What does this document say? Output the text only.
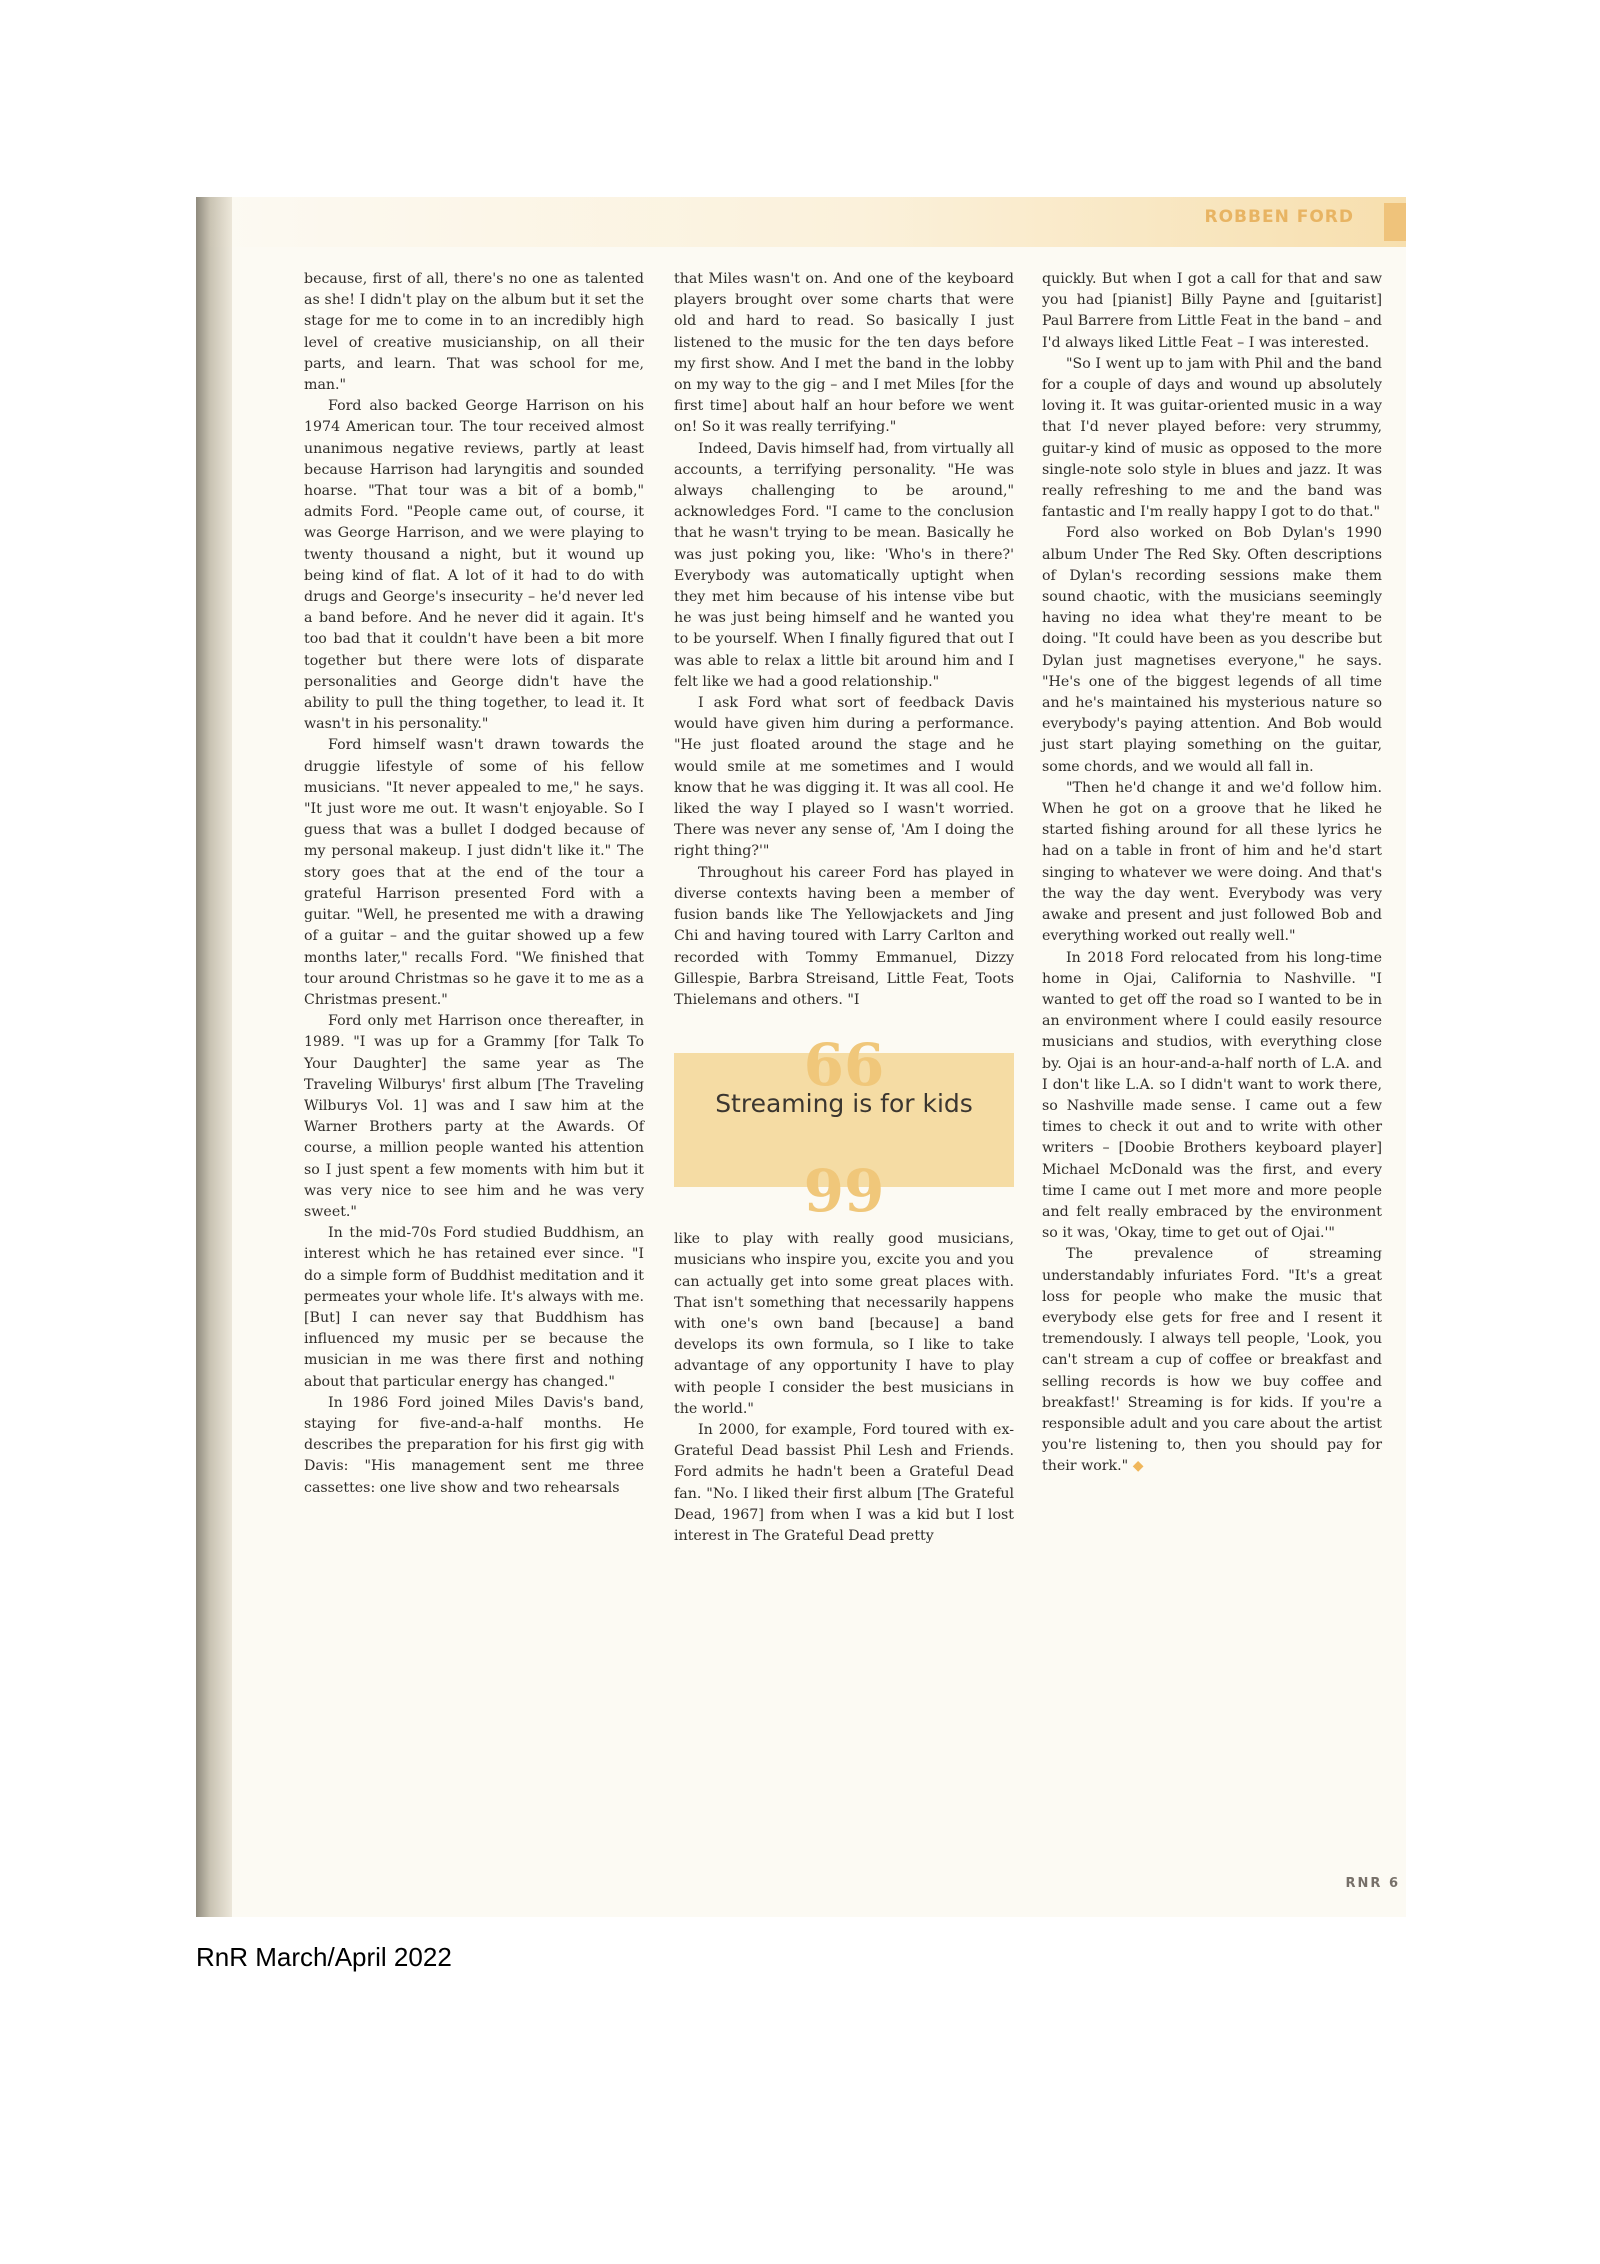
ROBBEN FORD

because, first of all, there's no one as talented as she! I didn't play on the album but it set the stage for me to come in to an incredibly high level of creative musicianship, on all their parts, and learn. That was school for me, man."

Ford also backed George Harrison on his 1974 American tour. The tour received almost unanimous negative reviews, partly at least because Harrison had laryngitis and sounded hoarse. "That tour was a bit of a bomb," admits Ford. "People came out, of course, it was George Harrison, and we were playing to twenty thousand a night, but it wound up being kind of flat. A lot of it had to do with drugs and George's insecurity – he'd never led a band before. And he never did it again. It's too bad that it couldn't have been a bit more together but there were lots of disparate personalities and George didn't have the ability to pull the thing together, to lead it. It wasn't in his personality."

Ford himself wasn't drawn towards the druggie lifestyle of some of his fellow musicians. "It never appealed to me," he says. "It just wore me out. It wasn't enjoyable. So I guess that was a bullet I dodged because of my personal makeup. I just didn't like it." The story goes that at the end of the tour a grateful Harrison presented Ford with a guitar. "Well, he presented me with a drawing of a guitar – and the guitar showed up a few months later," recalls Ford. "We finished that tour around Christmas so he gave it to me as a Christmas present."

Ford only met Harrison once thereafter, in 1989. "I was up for a Grammy [for Talk To Your Daughter] the same year as The Traveling Wilburys' first album [The Traveling Wilburys Vol. 1] was and I saw him at the Warner Brothers party at the Awards. Of course, a million people wanted his attention so I just spent a few moments with him but it was very nice to see him and he was very sweet."

In the mid-70s Ford studied Buddhism, an interest which he has retained ever since. "I do a simple form of Buddhist meditation and it permeates your whole life. It's always with me. [But] I can never say that Buddhism has influenced my music per se because the musician in me was there first and nothing about that particular energy has changed."

In 1986 Ford joined Miles Davis's band, staying for five-and-a-half months. He describes the preparation for his first gig with Davis: "His management sent me three cassettes: one live show and two rehearsals

that Miles wasn't on. And one of the keyboard players brought over some charts that were old and hard to read. So basically I just listened to the music for the ten days before my first show. And I met the band in the lobby on my way to the gig – and I met Miles [for the first time] about half an hour before we went on! So it was really terrifying."

Indeed, Davis himself had, from virtually all accounts, a terrifying personality. "He was always challenging to be around," acknowledges Ford. "I came to the conclusion that he wasn't trying to be mean. Basically he was just poking you, like: 'Who's in there?' Everybody was automatically uptight when they met him because of his intense vibe but he was just being himself and he wanted you to be yourself. When I finally figured that out I was able to relax a little bit around him and I felt like we had a good relationship."

I ask Ford what sort of feedback Davis would have given him during a performance. "He just floated around the stage and he would smile at me sometimes and I would know that he was digging it. It was all cool. He liked the way I played so I wasn't worried. There was never any sense of, 'Am I doing the right thing?'"

Throughout his career Ford has played in diverse contexts having been a member of fusion bands like The Yellowjackets and Jing Chi and having toured with Larry Carlton and recorded with Tommy Emmanuel, Dizzy Gillespie, Barbra Streisand, Little Feat, Toots Thielemans and others. "I

66
Streaming is for kids
99

like to play with really good musicians, musicians who inspire you, excite you and you can actually get into some great places with. That isn't something that necessarily happens with one's own band [because] a band develops its own formula, so I like to take advantage of any opportunity I have to play with people I consider the best musicians in the world."

In 2000, for example, Ford toured with ex-Grateful Dead bassist Phil Lesh and Friends. Ford admits he hadn't been a Grateful Dead fan. "No. I liked their first album [The Grateful Dead, 1967] from when I was a kid but I lost interest in The Grateful Dead pretty

quickly. But when I got a call for that and saw you had [pianist] Billy Payne and [guitarist] Paul Barrere from Little Feat in the band – and I'd always liked Little Feat – I was interested.

"So I went up to jam with Phil and the band for a couple of days and wound up absolutely loving it. It was guitar-oriented music in a way that I'd never played before: very strummy, guitar-y kind of music as opposed to the more single-note solo style in blues and jazz. It was really refreshing to me and the band was fantastic and I'm really happy I got to do that."

Ford also worked on Bob Dylan's 1990 album Under The Red Sky. Often descriptions of Dylan's recording sessions make them sound chaotic, with the musicians seemingly having no idea what they're meant to be doing. "It could have been as you describe but Dylan just magnetises everyone," he says. "He's one of the biggest legends of all time and he's maintained his mysterious nature so everybody's paying attention. And Bob would just start playing something on the guitar, some chords, and we would all fall in.

"Then he'd change it and we'd follow him. When he got on a groove that he liked he started fishing around for all these lyrics he had on a table in front of him and he'd start singing to whatever we were doing. And that's the way the day went. Everybody was very awake and present and just followed Bob and everything worked out really well."

In 2018 Ford relocated from his long-time home in Ojai, California to Nashville. "I wanted to get off the road so I wanted to be in an environment where I could easily resource musicians and studios, with everything close by. Ojai is an hour-and-a-half north of L.A. and I don't like L.A. so I didn't want to work there, so Nashville made sense. I came out a few times to check it out and to write with other writers – [Doobie Brothers keyboard player] Michael McDonald was the first, and every time I came out I met more and more people and felt really embraced by the environment so it was, 'Okay, time to get out of Ojai.'"

The prevalence of streaming understandably infuriates Ford. "It's a great loss for people who make the music that everybody else gets for free and I resent it tremendously. I always tell people, 'Look, you can't stream a cup of coffee or breakfast and selling records is how we buy coffee and breakfast!' Streaming is for kids. If you're a responsible adult and you care about the artist you're listening to, then you should pay for their work." ◆

RNR 6
RnR March/April 2022
